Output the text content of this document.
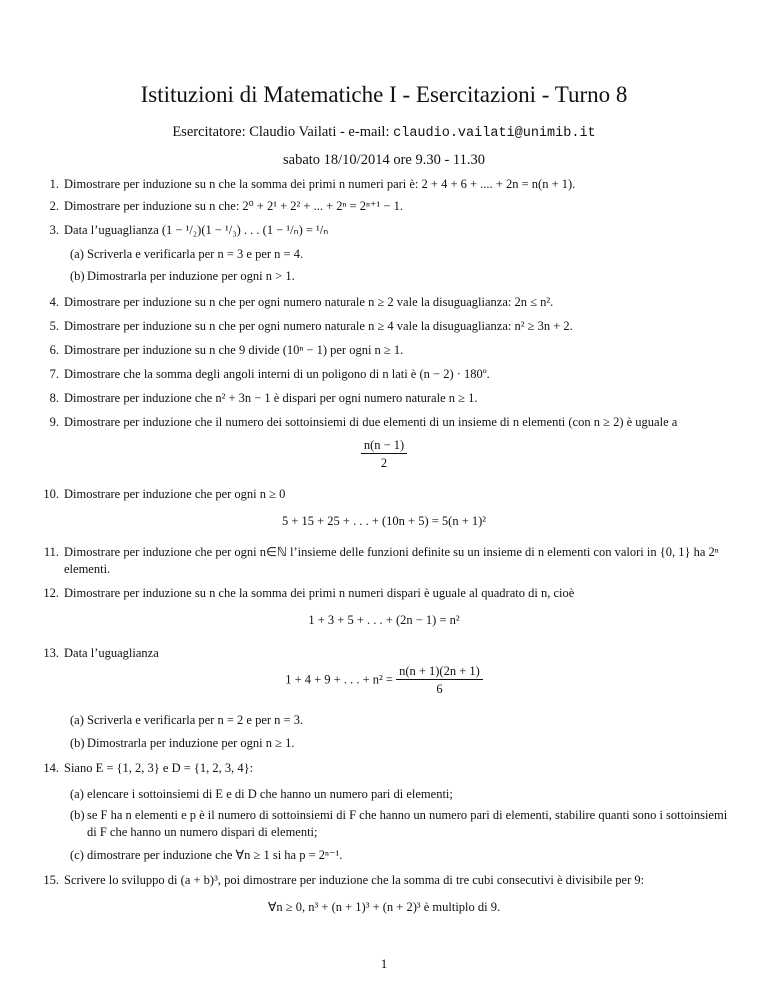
Istituzioni di Matematiche I - Esercitazioni - Turno 8
Esercitatore: Claudio Vailati - e-mail: claudio.vailati@unimib.it
sabato 18/10/2014 ore 9.30 - 11.30
1. Dimostrare per induzione su n che la somma dei primi n numeri pari è: 2 + 4 + 6 + .... + 2n = n(n + 1).
2. Dimostrare per induzione su n che: 2⁰ + 2¹ + 2² + ... + 2ⁿ = 2ⁿ⁺¹ − 1.
3. Data l’uguaglianza (1 − ¹/₂)(1 − ¹/₃) . . . (1 − ¹/ₙ) = ¹/ₙ
(a) Scriverla e verificarla per n = 3 e per n = 4.
(b) Dimostrarla per induzione per ogni n > 1.
4. Dimostrare per induzione su n che per ogni numero naturale n ≥ 2 vale la disuguaglianza: 2n ≤ n².
5. Dimostrare per induzione su n che per ogni numero naturale n ≥ 4 vale la disuguaglianza: n² ≥ 3n + 2.
6. Dimostrare per induzione su n che 9 divide (10ⁿ − 1) per ogni n ≥ 1.
7. Dimostrare che la somma degli angoli interni di un poligono di n lati è (n − 2) · 180º.
8. Dimostrare per induzione che n² + 3n − 1 è dispari per ogni numero naturale n ≥ 1.
9. Dimostrare per induzione che il numero dei sottoinsiemi di due elementi di un insieme di n elementi (con n ≥ 2) è uguale a
$\frac{n(n - 1)}{2}$
10. Dimostrare per induzione che per ogni n ≥ 0
5 + 15 + 25 + . . . + (10n + 5) = 5(n + 1)²
11. Dimostrare per induzione che per ogni n∈ℕ l’insieme delle funzioni definite su un insieme di n elementi con valori in {0, 1} ha 2ⁿ elementi.
12. Dimostrare per induzione su n che la somma dei primi n numeri dispari è uguale al quadrato di n, cioè
1 + 3 + 5 + . . . + (2n − 1) = n²
13. Data l’uguaglianza
1 + 4 + 9 + . . . + $n^2 = \frac{n(n + 1)(2n + 1)}{6}$
(a) Scriverla e verificarla per n = 2 e per n = 3.
(b) Dimostrarla per induzione per ogni n ≥ 1.
14. Siano E = {1, 2, 3} e D = {1, 2, 3, 4}:
(a) elencare i sottoinsiemi di E e di D che hanno un numero pari di elementi;
(b) se F ha n elementi e p è il numero di sottoinsiemi di F che hanno un numero pari di elementi, stabilire quanti sono i sottoinsiemi di F che hanno un numero dispari di elementi;
(c) dimostrare per induzione che ∀n ≥ 1 si ha p = 2ⁿ⁻¹.
15. Scrivere lo sviluppo di (a + b)³, poi dimostrare per induzione che la somma di tre cubi consecutivi è divisibile per 9:
∀n ≥ 0, n³ + (n + 1)³ + (n + 2)³ è multiplo di 9.
1
